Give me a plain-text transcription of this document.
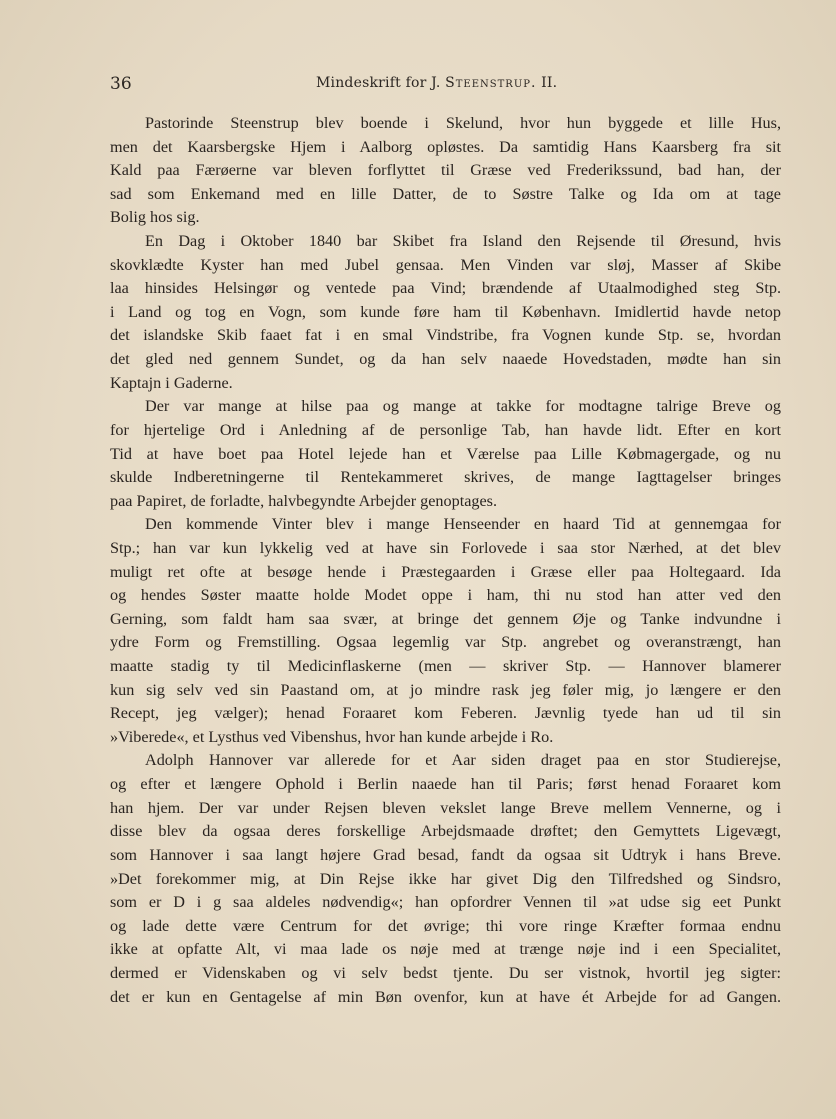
36	Mindeskrift for J. Steenstrup. II.
Pastorinde Steenstrup blev boende i Skelund, hvor hun byggede et lille Hus,
men det Kaarsbergske Hjem i Aalborg opløstes. Da samtidig Hans Kaarsberg fra sit
Kald paa Færøerne var bleven forflyttet til Græse ved Frederikssund, bad han, der
sad som Enkemand med en lille Datter, de to Søstre Talke og Ida om at tage
Bolig hos sig.
En Dag i Oktober 1840 bar Skibet fra Island den Rejsende til Øresund, hvis
skovklædte Kyster han med Jubel gensaa. Men Vinden var sløj, Masser af Skibe
laa hinsides Helsingør og ventede paa Vind; brændende af Utaalmodighed steg Stp.
i Land og tog en Vogn, som kunde føre ham til København. Imidlertid havde netop
det islandske Skib faaet fat i en smal Vindstribe, fra Vognen kunde Stp. se, hvordan
det gled ned gennem Sundet, og da han selv naaede Hovedstaden, mødte han sin
Kaptajn i Gaderne.
Der var mange at hilse paa og mange at takke for modtagne talrige Breve og
for hjertelige Ord i Anledning af de personlige Tab, han havde lidt. Efter en kort
Tid at have boet paa Hotel lejede han et Værelse paa Lille Købmagergade, og nu
skulde Indberetningerne til Rentekammeret skrives, de mange Iagttagelser bringes
paa Papiret, de forladte, halvbegyndte Arbejder genoptages.
Den kommende Vinter blev i mange Henseender en haard Tid at gennemgaa for
Stp.; han var kun lykkelig ved at have sin Forlovede i saa stor Nærhed, at det blev
muligt ret ofte at besøge hende i Præstegaarden i Græse eller paa Holtegaard. Ida
og hendes Søster maatte holde Modet oppe i ham, thi nu stod han atter ved den
Gerning, som faldt ham saa svær, at bringe det gennem Øje og Tanke indvundne i
ydre Form og Fremstilling. Ogsaa legemlig var Stp. angrebet og overanstrængt, han
maatte stadig ty til Medicinflaskerne (men — skriver Stp. — Hannover blamerer
kun sig selv ved sin Paastand om, at jo mindre rask jeg føler mig, jo længere er den
Recept, jeg vælger); henad Foraaret kom Feberen. Jævnlig tyede han ud til sin
»Viberede«, et Lysthus ved Vibenshus, hvor han kunde arbejde i Ro.
Adolph Hannover var allerede for et Aar siden draget paa en stor Studierejse,
og efter et længere Ophold i Berlin naaede han til Paris; først henad Foraaret kom
han hjem. Der var under Rejsen bleven vekslet lange Breve mellem Vennerne, og i
disse blev da ogsaa deres forskellige Arbejdsmaade drøftet; den Gemyttets Ligevægt,
som Hannover i saa langt højere Grad besad, fandt da ogsaa sit Udtryk i hans Breve.
»Det forekommer mig, at Din Rejse ikke har givet Dig den Tilfredshed og Sindsro,
som er D i g saa aldeles nødvendig«; han opfordrer Vennen til »at udse sig eet Punkt
og lade dette være Centrum for det øvrige; thi vore ringe Kræfter formaa endnu
ikke at opfatte Alt, vi maa lade os nøje med at trænge nøje ind i een Specialitet,
dermed er Videnskaben og vi selv bedst tjente. Du ser vistnok, hvortil jeg sigter:
det er kun en Gentagelse af min Bøn ovenfor, kun at have ét Arbejde for ad Gangen.
